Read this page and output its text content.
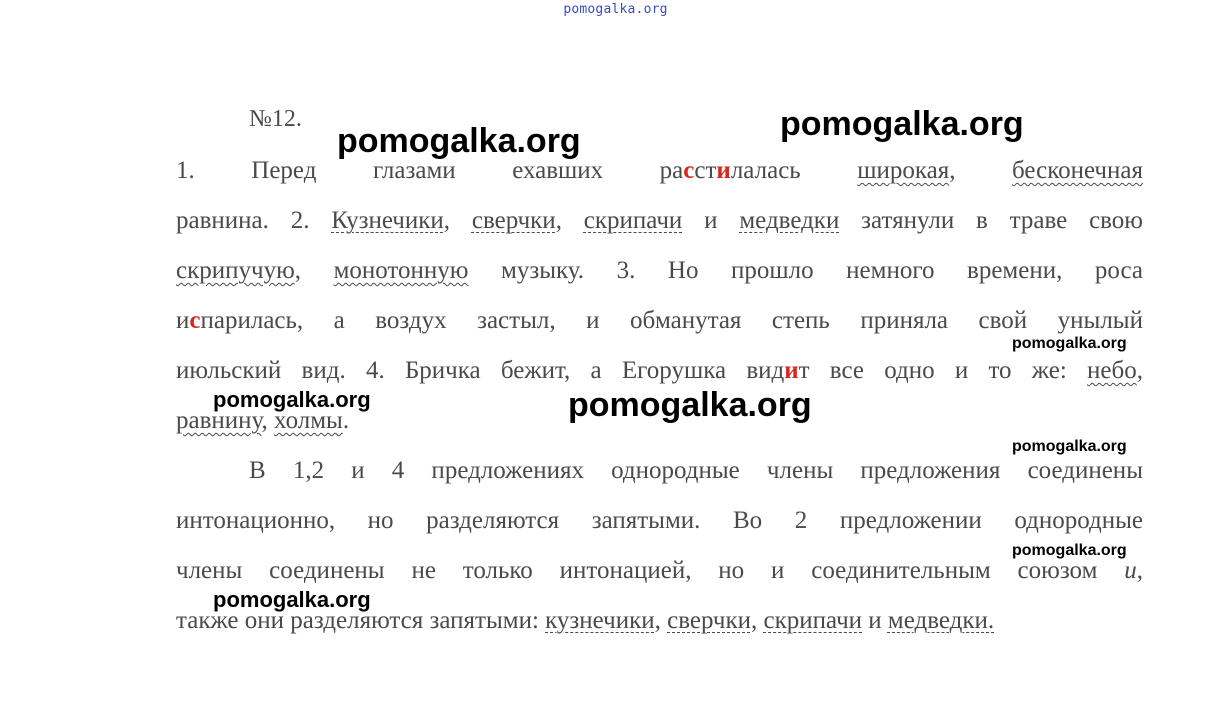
pomogalka.org
№12.
1. Перед глазами ехавших расстилалась широкая, бесконечная
равнина. 2. Кузнечики, сверчки, скрипачи и медведки затянули в траве свою
скрипучую, монотонную музыку. 3. Но прошло немного времени, роса
испарилась, а воздух застыл, и обманутая степь приняла свой унылый
июльский вид. 4. Бричка бежит, а Егорушка видит все одно и то же: небо,
равнину, холмы.
В 1,2 и 4 предложениях однородные члены предложения соединены
интонационно, но разделяются запятыми. Во 2 предложении однородные
члены соединены не только интонацией, но и соединительным союзом и,
также они разделяются запятыми: кузнечики, сверчки, скрипачи и медведки.
pomogalka.org	pomogalka.org
pomogalka.org
pomogalka.org	pomogalka.org
pomogalka.org
pomogalka.org
pomogalka.org
